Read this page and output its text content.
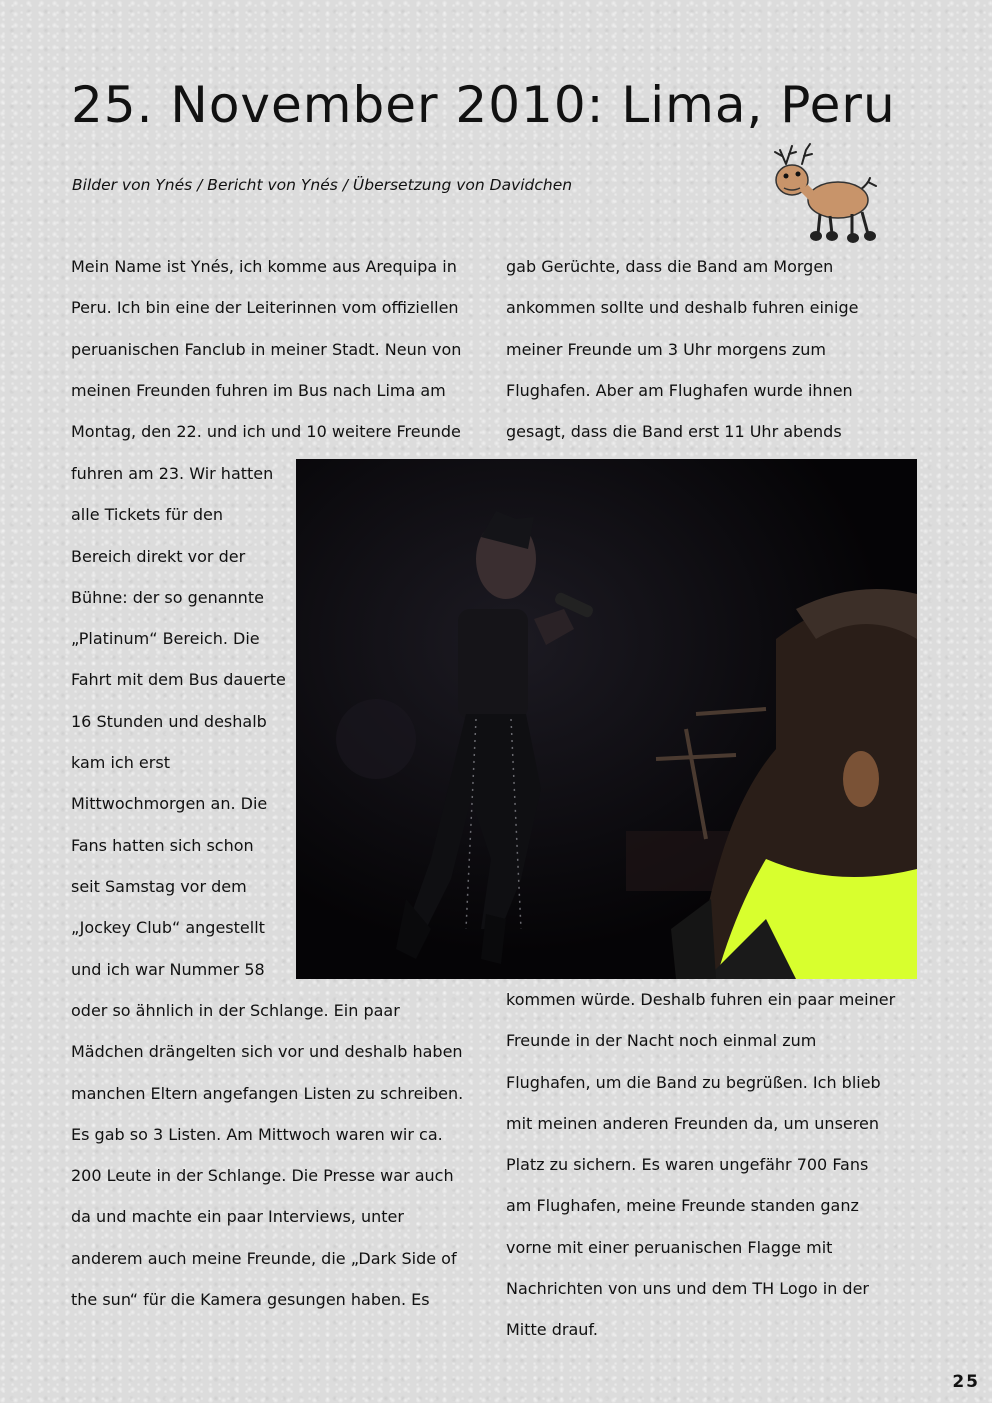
25. November 2010: Lima, Peru
Bilder von Ynés / Bericht von Ynés / Übersetzung von Davidchen
Mein Name ist Ynés, ich komme aus Arequipa in
Peru. Ich bin eine der Leiterinnen vom offiziellen
peruanischen Fanclub in meiner Stadt. Neun von
meinen Freunden fuhren im Bus nach Lima am
Montag, den 22. und ich und 10 weitere Freunde
gab Gerüchte, dass die Band am Morgen
ankommen sollte und deshalb fuhren einige
meiner Freunde um 3 Uhr morgens zum
Flughafen. Aber am Flughafen wurde ihnen
gesagt, dass die Band erst 11 Uhr abends
fuhren am 23. Wir hatten
alle Tickets für den
Bereich direkt vor der
Bühne: der so genannte
„Platinum“ Bereich. Die
Fahrt mit dem Bus dauerte
16 Stunden und deshalb
kam ich erst
Mittwochmorgen an. Die
Fans hatten sich schon
seit Samstag vor dem
„Jockey Club“ angestellt
und ich war Nummer 58
oder so ähnlich in der Schlange. Ein paar
Mädchen drängelten sich vor und deshalb haben
manchen Eltern angefangen Listen zu schreiben.
Es gab so 3 Listen. Am Mittwoch waren wir ca.
200 Leute in der Schlange. Die Presse war auch
da und machte ein paar Interviews, unter
anderem auch meine Freunde, die „Dark Side of
the sun“ für die Kamera gesungen haben. Es
kommen würde. Deshalb fuhren ein paar meiner
Freunde in der Nacht noch einmal zum
Flughafen, um die Band zu begrüßen. Ich blieb
mit meinen anderen Freunden da, um unseren
Platz zu sichern. Es waren ungefähr 700 Fans
am Flughafen, meine Freunde standen ganz
vorne mit einer peruanischen Flagge mit
Nachrichten von uns und dem TH Logo in der
Mitte drauf.
25
